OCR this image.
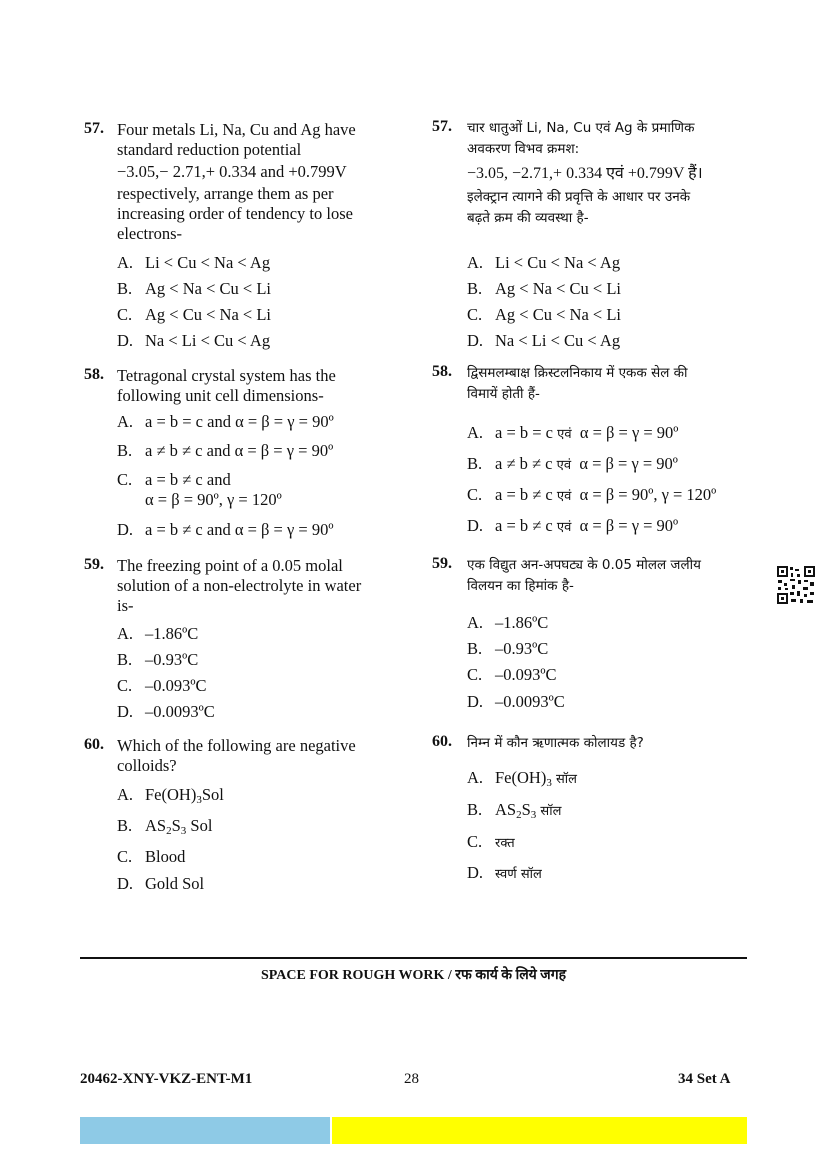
57. Four metals Li, Na, Cu and Ag have
standard reduction potential
−3.05,− 2.71,+ 0.334 and +0.799V
respectively, arrange them as per
increasing order of tendency to lose
electrons-
A. Li < Cu < Na < Ag
B. Ag < Na < Cu < Li
C. Ag < Cu < Na < Li
D. Na < Li < Cu < Ag
58. Tetragonal crystal system has the
following unit cell dimensions-
A. a = b = c and α = β = γ = 90º
B. a ≠ b ≠ c and α = β = γ = 90º
C. a = b ≠ c and
α = β = 90º, γ = 120º
D. a = b ≠ c and α = β = γ = 90º
59. The freezing point of a 0.05 molal
solution of a non-electrolyte in water
is-
A. –1.86ºC
B. –0.93ºC
C. –0.093ºC
D. –0.0093ºC
60. Which of the following are negative
colloids?
A. $Fe(OH)_3Sol$
B. $AS_2S_3$ Sol
C. Blood
D. Gold Sol
57. चार धातुओं Li, Na, Cu एवं Ag के प्रमाणिक
अवकरण विभव क्रमश:
−3.05, −2.71,+ 0.334 एवं +0.799V हैं।
इलेक्ट्रान त्यागने की प्रवृत्ति के आधार पर उनके
बढ़ते क्रम की व्यवस्था है-
A. Li < Cu < Na < Ag
B. Ag < Na < Cu < Li
C. Ag < Cu < Na < Li
D. Na < Li < Cu < Ag
58. द्विसमलम्बाक्ष क्रिस्टलनिकाय में एकक सेल की
विमायें होती हैं-
A. a = b = c एवं α = β = γ = 90º
B. a ≠ b ≠ c एवं α = β = γ = 90º
C. a = b ≠ c एवं α = β = 90º, γ = 120º
D. a = b ≠ c एवं α = β = γ = 90º
59. एक विद्युत अन-अपघट्य के 0.05 मोलल जलीय
विलयन का हिमांक है-
A. –1.86ºC
B. –0.93ºC
C. –0.093ºC
D. –0.0093ºC
60. निम्न में कौन ऋणात्मक कोलायड है?
A. $Fe(OH)_3$ सॉल
B. $AS_2S_3$ सॉल
C. रक्त
D. स्वर्ण सॉल
SPACE FOR ROUGH WORK / रफ कार्य के लिये जगह
20462-XNY-VKZ-ENT-M1	28	34 Set A
